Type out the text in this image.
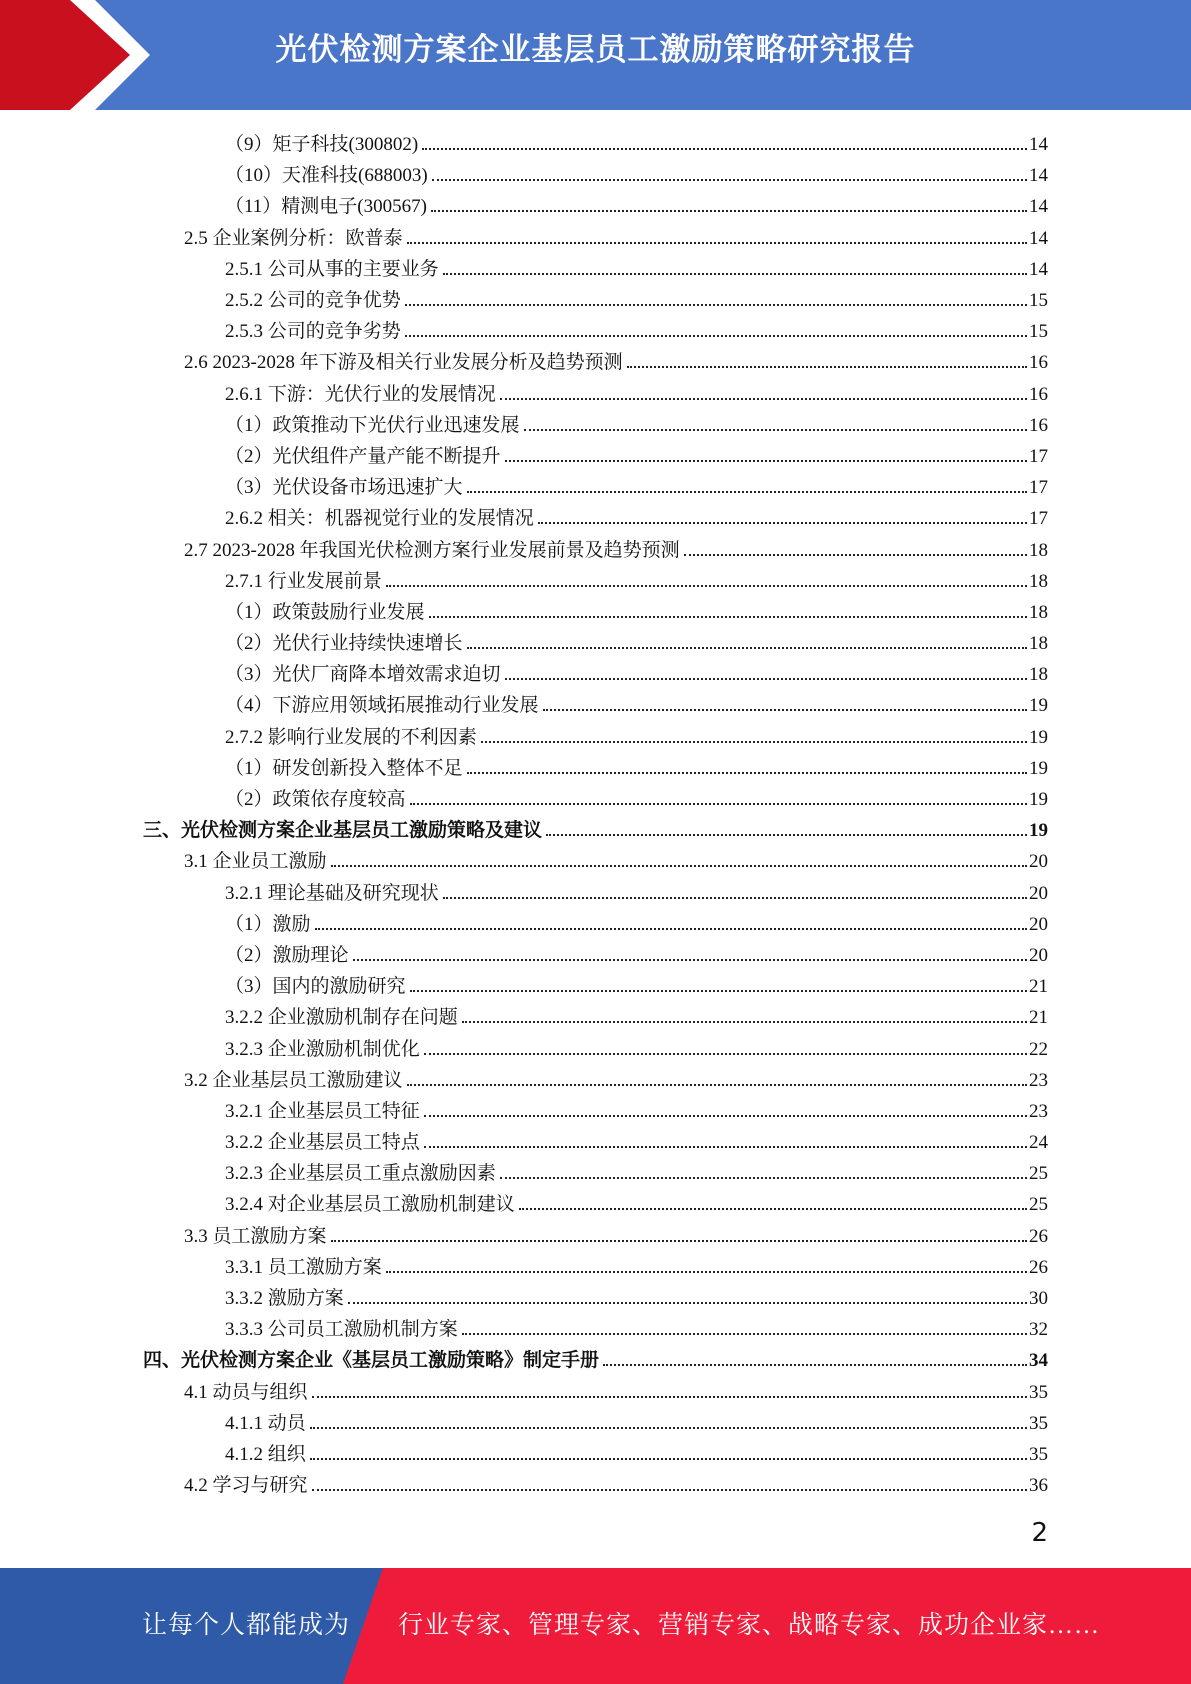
光伏检测方案企业基层员工激励策略研究报告
（9）矩子科技(300802)	14
（10）天准科技(688003)	14
（11）精测电子(300567)	14
2.5 企业案例分析：欧普泰	14
2.5.1 公司从事的主要业务	14
2.5.2 公司的竞争优势	15
2.5.3 公司的竞争劣势	15
2.6 2023-2028 年下游及相关行业发展分析及趋势预测	16
2.6.1 下游：光伏行业的发展情况	16
（1）政策推动下光伏行业迅速发展	16
（2）光伏组件产量产能不断提升	17
（3）光伏设备市场迅速扩大	17
2.6.2 相关：机器视觉行业的发展情况	17
2.7 2023-2028 年我国光伏检测方案行业发展前景及趋势预测	18
2.7.1 行业发展前景	18
（1）政策鼓励行业发展	18
（2）光伏行业持续快速增长	18
（3）光伏厂商降本增效需求迫切	18
（4）下游应用领域拓展推动行业发展	19
2.7.2 影响行业发展的不利因素	19
（1）研发创新投入整体不足	19
（2）政策依存度较高	19
三、光伏检测方案企业基层员工激励策略及建议	19
3.1 企业员工激励	20
3.2.1 理论基础及研究现状	20
（1）激励	20
（2）激励理论	20
（3）国内的激励研究	21
3.2.2 企业激励机制存在问题	21
3.2.3 企业激励机制优化	22
3.2 企业基层员工激励建议	23
3.2.1 企业基层员工特征	23
3.2.2 企业基层员工特点	24
3.2.3 企业基层员工重点激励因素	25
3.2.4 对企业基层员工激励机制建议	25
3.3 员工激励方案	26
3.3.1 员工激励方案	26
3.3.2 激励方案	30
3.3.3 公司员工激励机制方案	32
四、光伏检测方案企业《基层员工激励策略》制定手册	34
4.1 动员与组织	35
4.1.1 动员	35
4.1.2 组织	35
4.2 学习与研究	36
2
让每个人都能成为 行业专家、管理专家、营销专家、战略专家、成功企业家……
